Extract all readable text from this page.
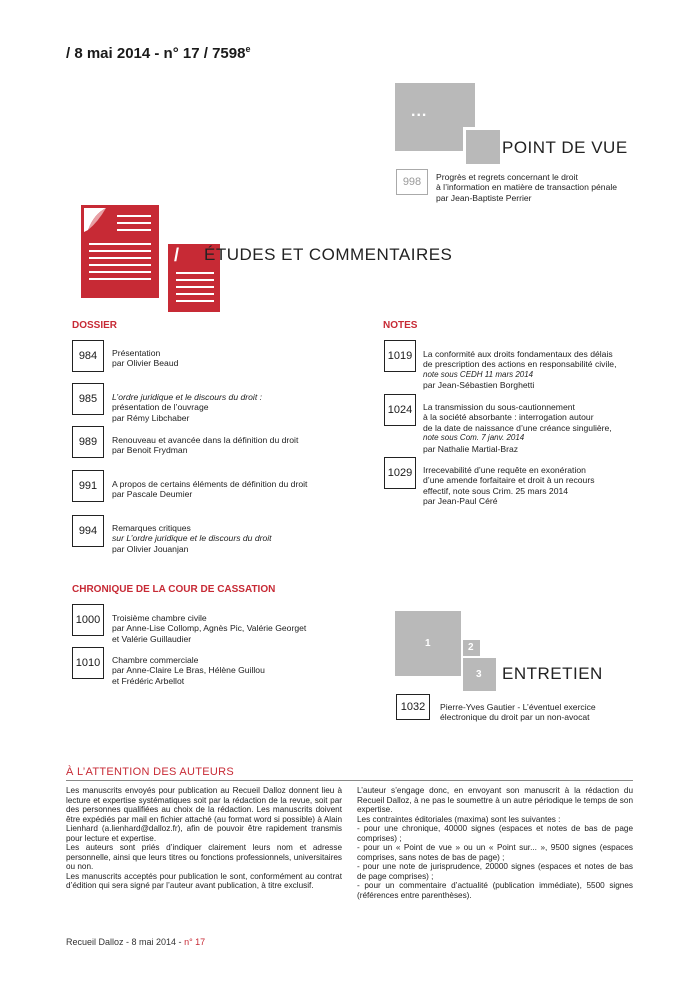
/ 8 mai 2014 - n° 17 / 7598e
...
POINT DE VUE
998	Progrès et regrets concernant le droit
à l’information en matière de transaction pénale
par Jean-Baptiste Perrier
/ ÉTUDES ET COMMENTAIRES
DOSSIER
984	Présentation
par Olivier Beaud
985	L’ordre juridique et le discours du droit :
présentation de l’ouvrage
par Rémy Libchaber
989	Renouveau et avancée dans la définition du droit
par Benoit Frydman
991	A propos de certains éléments de définition du droit
par Pascale Deumier
994	Remarques critiques
sur L’ordre juridique et le discours du droit
par Olivier Jouanjan
NOTES
1019	La conformité aux droits fondamentaux des délais
de prescription des actions en responsabilité civile,
note sous CEDH 11 mars 2014
par Jean-Sébastien Borghetti
1024	La transmission du sous-cautionnement
à la société absorbante : interrogation autour
de la date de naissance d’une créance singulière,
note sous Com. 7 janv. 2014
par Nathalie Martial-Braz
1029	Irrecevabilité d’une requête en exonération
d’une amende forfaitaire et droit à un recours
effectif, note sous Crim. 25 mars 2014
par Jean-Paul Céré
CHRONIQUE DE LA COUR DE CASSATION
1000	Troisième chambre civile
par Anne-Lise Collomp, Agnès Pic, Valérie Georget
et Valérie Guillaudier
1010	Chambre commerciale
par Anne-Claire Le Bras, Hélène Guillou
et Frédéric Arbellot
1	2
3 ENTRETIEN
1032	Pierre-Yves Gautier - L’éventuel exercice
électronique du droit par un non-avocat
À L’ATTENTION DES AUTEURS

Les manuscrits envoyés pour publication au Recueil Dalloz donnent lieu à lecture et expertise systématiques soit par la rédaction de la revue, soit par des personnes qualifiées au choix de la rédaction. Les manuscrits doivent être expédiés par mail en fichier attaché (au format word si possible) à Alain Lienhard (a.lienhard@dalloz.fr), afin de pouvoir être rapidement transmis pour lecture et expertise.

Les auteurs sont priés d’indiquer clairement leurs nom et adresse personnelle, ainsi que leurs titres ou fonctions professionnels, universitaires ou non.

Les manuscrits acceptés pour publication le sont, conformément au contrat d’édition qui sera signé par l’auteur avant publication, à titre exclusif.

L’auteur s’engage donc, en envoyant son manuscrit à la rédaction du Recueil Dalloz, à ne pas le soumettre à un autre périodique le temps de son expertise.

Les contraintes éditoriales (maxima) sont les suivantes :

- pour une chronique, 40000 signes (espaces et notes de bas de page comprises) ;

- pour un « Point de vue » ou un « Point sur... », 9500 signes (espaces comprises, sans notes de bas de page) ;

- pour une note de jurisprudence, 20000 signes (espaces et notes de bas de page comprises) ;

- pour un commentaire d’actualité (publication immédiate), 5500 signes (références entre parenthèses).

Recueil Dalloz - 8 mai 2014 - n° 17
